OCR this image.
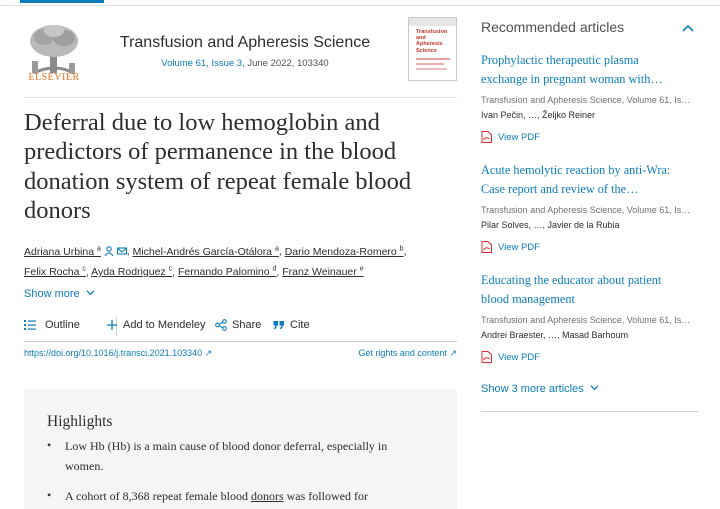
ELSEVIER
Transfusion and Apheresis Science
Volume 61, Issue 3, June 2022, 103340
Transfusion
and
Apheresis
Science
Deferral due to low hemoglobin and
predictors of permanence in the blood
donation system of repeat female blood
donors
Adriana Urbina $^a$ , Michel-Andrés García-Otálora $^a$, Dario Mendoza-Romero $^b$,
Felix Rocha $^c$, Ayda Rodriguez $^c$, Fernando Palomino $^d$, Franz Weinauer $^e$
Show more
Outline	Add to Mendeley Share	Cite
https://doi.org/10.1016/j.transci.2021.103340 ↗	Get rights and content ↗
Highlights
• Low Hb (Hb) is a main cause of blood donor deferral, especially in
women.
• A cohort of 8,368 repeat female blood donors was followed for
Recommended articles
Prophylactic therapeutic plasma
exchange in pregnant woman with…
Transfusion and Apheresis Science, Volume 61, Is…
Ivan Pečin, …, Željko Reiner
View PDF
Acute hemolytic reaction by anti-Wra:
Case report and review of the…
Transfusion and Apheresis Science, Volume 61, Is…
Pilar Solves, …, Javier de la Rubia
View PDF
Educating the educator about patient
blood management
Transfusion and Apheresis Science, Volume 61, Is…
Andrei Braester, …, Masad Barhoum
View PDF
Show 3 more articles
